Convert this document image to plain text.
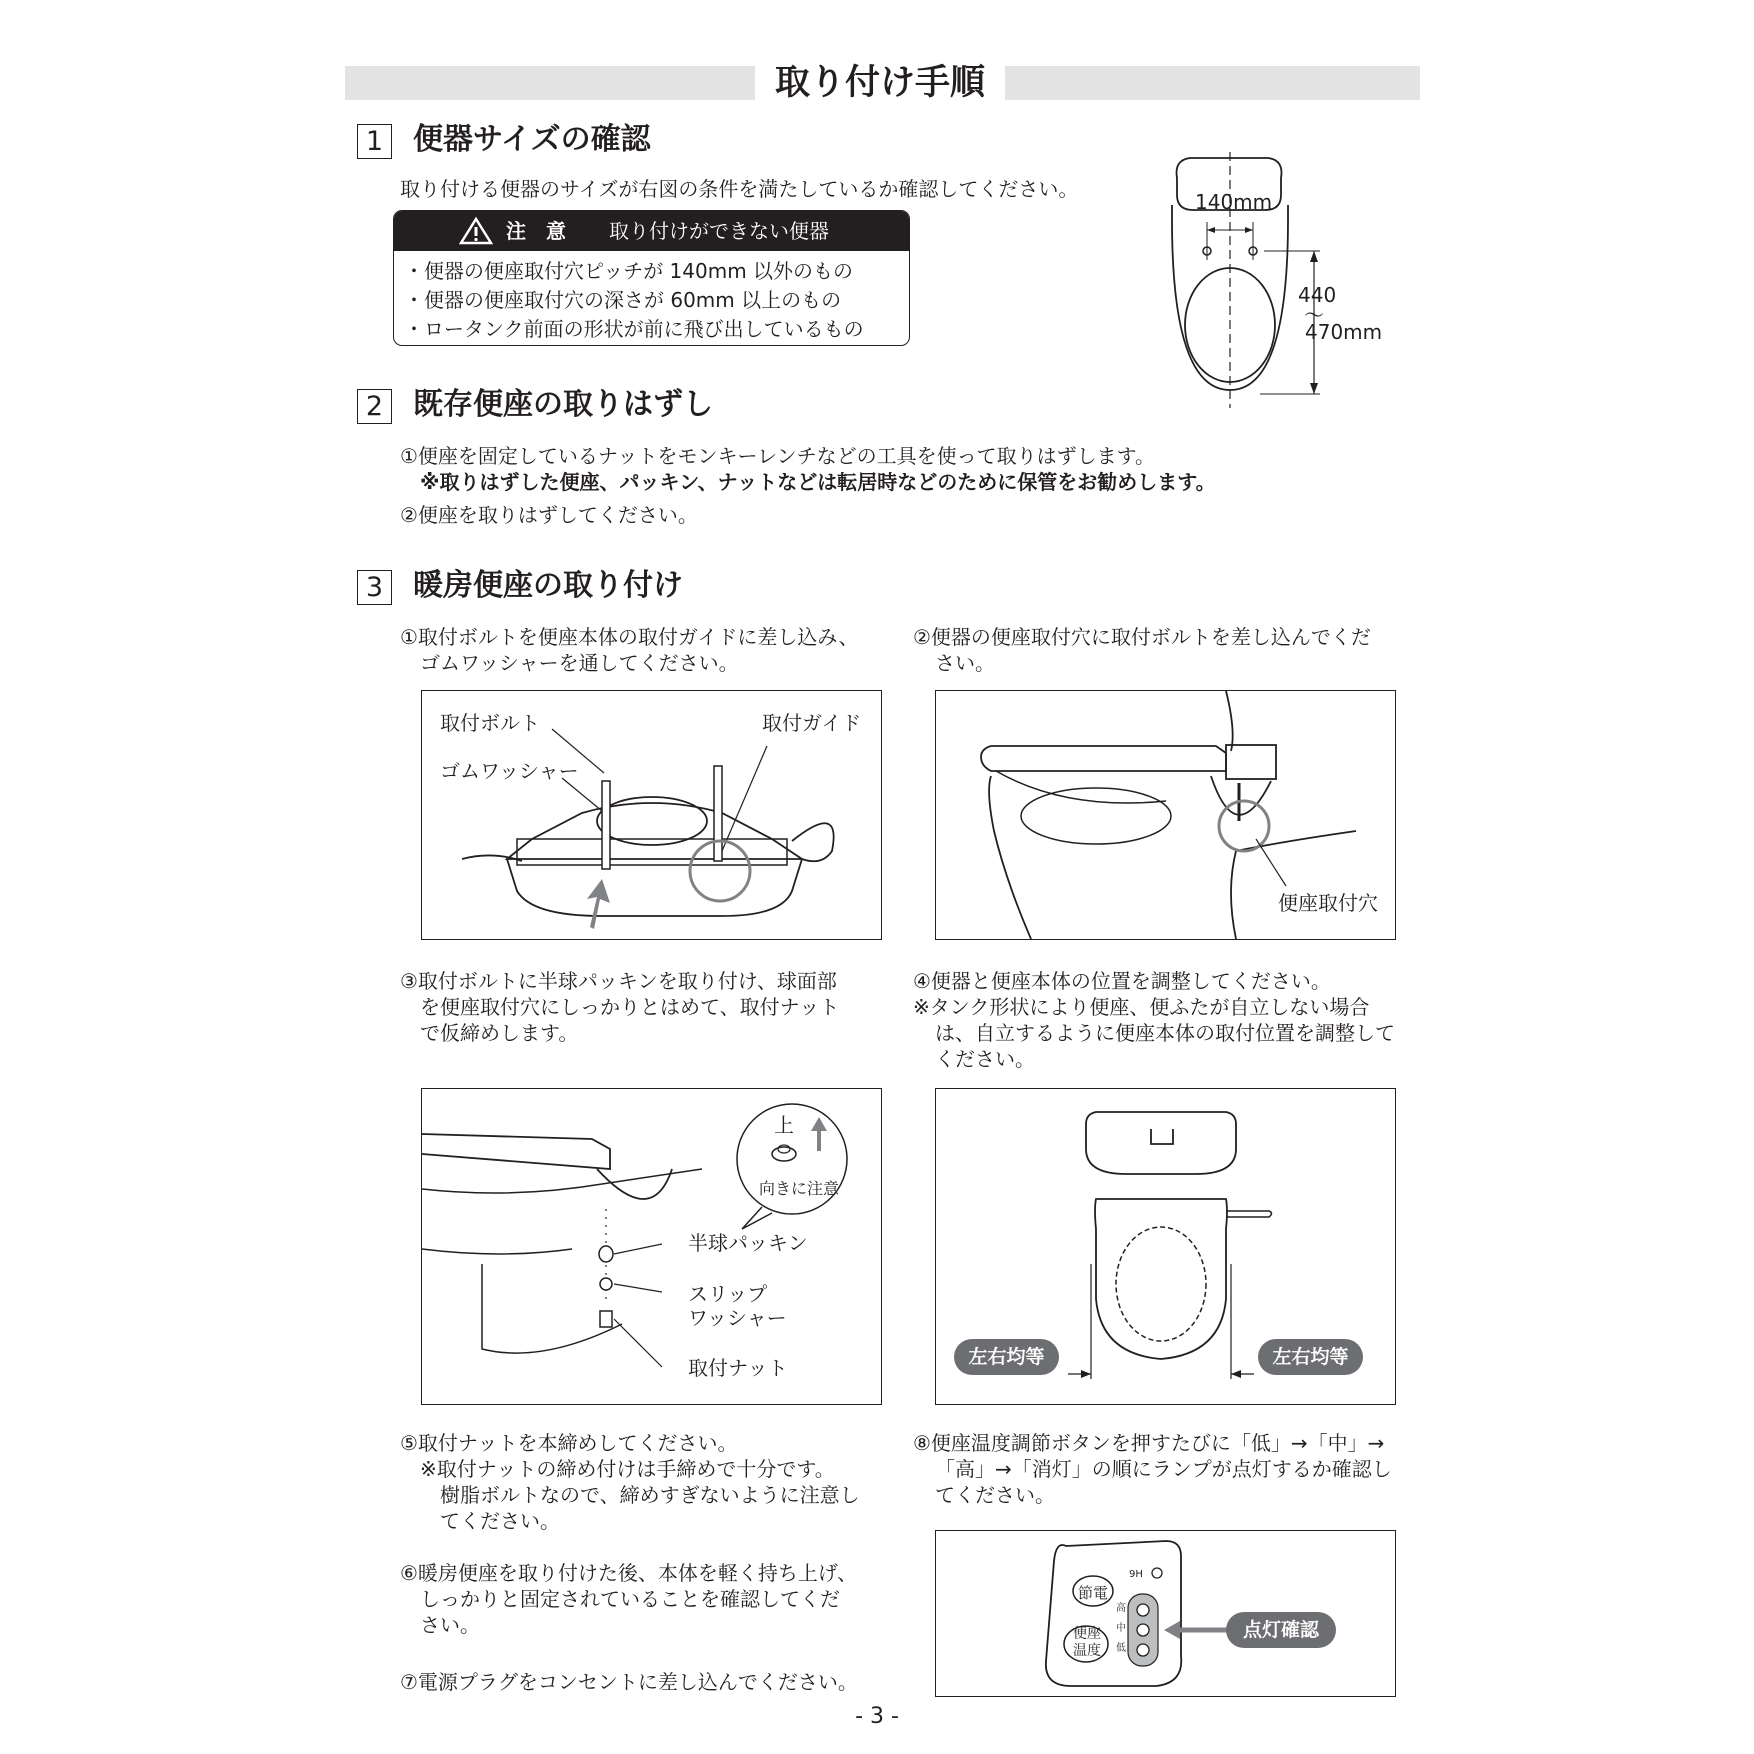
取り付け手順
1 便器サイズの確認
取り付ける便器のサイズが右図の条件を満たしているか確認してください。
注　意 取り付けができない便器
・便器の便座取付穴ピッチが 140mm 以外のもの
・便器の便座取付穴の深さが 60mm 以上のもの
・ロータンク前面の形状が前に飛び出しているもの
140mm
440
～
470mm
2 既存便座の取りはずし
①便座を固定しているナットをモンキーレンチなどの工具を使って取りはずします。
※取りはずした便座、パッキン、ナットなどは転居時などのために保管をお勧めします。
②便座を取りはずしてください。
3 暖房便座の取り付け
①取付ボルトを便座本体の取付ガイドに差し込み、
ゴムワッシャーを通してください。
②便器の便座取付穴に取付ボルトを差し込んでくだ
さい。
取付ボルト
ゴムワッシャー
取付ガイド
便座取付穴
③取付ボルトに半球パッキンを取り付け、球面部
を便座取付穴にしっかりとはめて、取付ナット
で仮締めします。
④便器と便座本体の位置を調整してください。
※タンク形状により便座、便ふたが自立しない場合
は、自立するように便座本体の取付位置を調整して
ください。
上
向きに注意
半球パッキン
スリップ
ワッシャー
取付ナット	左右均等	左右均等
⑤取付ナットを本締めしてください。
※取付ナットの締め付けは手締めで十分です。
樹脂ボルトなので、締めすぎないように注意し
てください。
⑥暖房便座を取り付けた後、本体を軽く持ち上げ、
しっかりと固定されていることを確認してくだ
さい。
⑦電源プラグをコンセントに差し込んでください。
⑧便座温度調節ボタンを押すたびに「低」→「中」→
「高」→「消灯」の順にランプが点灯するか確認し
てください。
節電
9H
便座
温度
高
中
低
点灯確認
- 3 -
